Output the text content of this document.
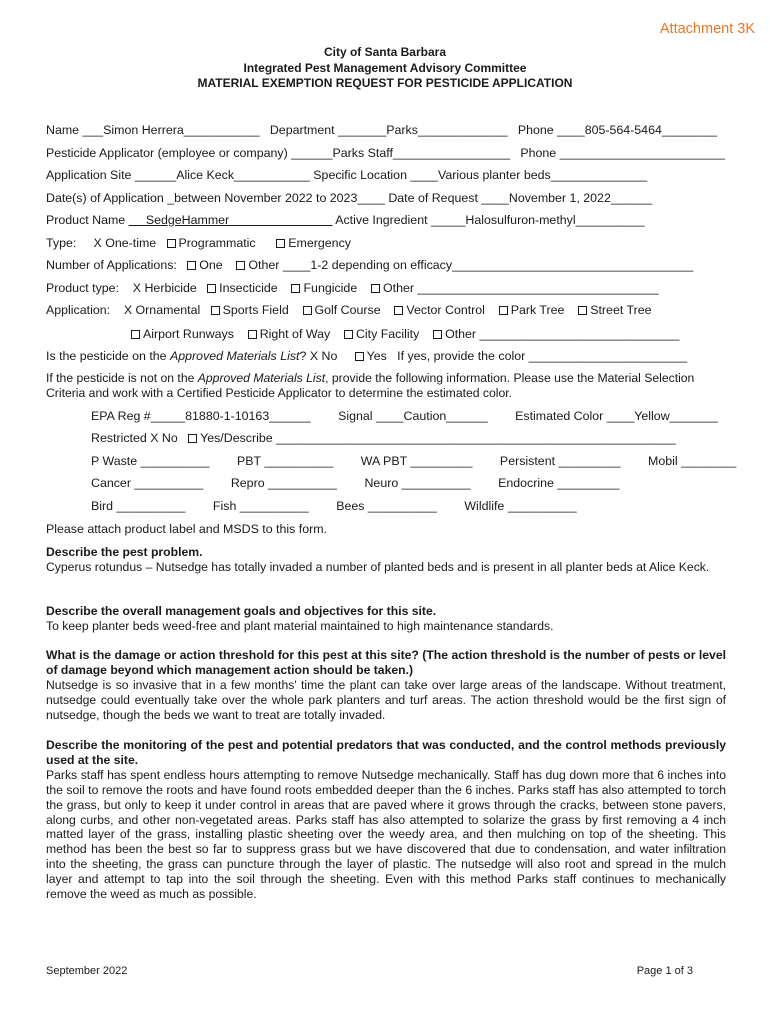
Attachment 3K
City of Santa Barbara
Integrated Pest Management Advisory Committee
MATERIAL EXEMPTION REQUEST FOR PESTICIDE APPLICATION
Name ___Simon Herrera___________   Department _______Parks_____________   Phone ____805-564-5464________
Pesticide Applicator (employee or company) ______Parks Staff_________________   Phone ________________________
Application Site ______Alice Keck___________ Specific Location ____Various planter beds______________
Date(s) of Application _between November 2022 to 2023____ Date of Request ____November 1, 2022______
Product Name      SedgeHammer                               Active Ingredient _____Halosulfuron-methyl__________
Type:     X One-time   Programmatic	Emergency
Number of Applications:   One Other ____1-2 depending on efficacy___________________________________
Product type:    X Herbicide   Insecticide Fungicide Other ___________________________________
Application:    X Ornamental   Sports Field Golf Course Vector Control Park Tree Street Tree
Airport Runways Right of Way City Facility Other _____________________________
Is the pesticide on the Approved Materials List? X No     Yes   If yes, provide the color _______________________
If the pesticide is not on the Approved Materials List, provide the following information. Please use the Material Selection
Criteria and work with a Certified Pesticide Applicator to determine the estimated color.
EPA Reg #_____81880-1-10163______        Signal ____Caution______        Estimated Color ____Yellow_______
Restricted X No   Yes/Describe __________________________________________________________
P Waste __________        PBT __________        WA PBT _________        Persistent _________        Mobil ________
Cancer __________        Repro __________        Neuro __________        Endocrine _________
Bird __________        Fish __________        Bees __________        Wildlife __________
Please attach product label and MSDS to this form.
Describe the pest problem.
Cyperus rotundus – Nutsedge has totally invaded a number of planted beds and is present in all planter beds at Alice Keck.
Describe the overall management goals and objectives for this site.
To keep planter beds weed-free and plant material maintained to high maintenance standards.
What is the damage or action threshold for this pest at this site? (The action threshold is the number of pests or level of damage beyond which management action should be taken.)
Nutsedge is so invasive that in a few months' time the plant can take over large areas of the landscape. Without treatment, nutsedge could eventually take over the whole park planters and turf areas. The action threshold would be the first sign of nutsedge, though the beds we want to treat are totally invaded.
Describe the monitoring of the pest and potential predators that was conducted, and the control methods previously used at the site.
Parks staff has spent endless hours attempting to remove Nutsedge mechanically. Staff has dug down more that 6 inches into the soil to remove the roots and have found roots embedded deeper than the 6 inches. Parks staff has also attempted to torch the grass, but only to keep it under control in areas that are paved where it grows through the cracks, between stone pavers, along curbs, and other non-vegetated areas. Parks staff has also attempted to solarize the grass by first removing a 4 inch matted layer of the grass, installing plastic sheeting over the weedy area, and then mulching on top of the sheeting. This method has been the best so far to suppress grass but we have discovered that due to condensation, and water infiltration into the sheeting, the grass can puncture through the layer of plastic. The nutsedge will also root and spread in the mulch layer and attempt to tap into the soil through the sheeting. Even with this method Parks staff continues to mechanically remove the weed as much as possible.
September 2022	Page 1 of 3
